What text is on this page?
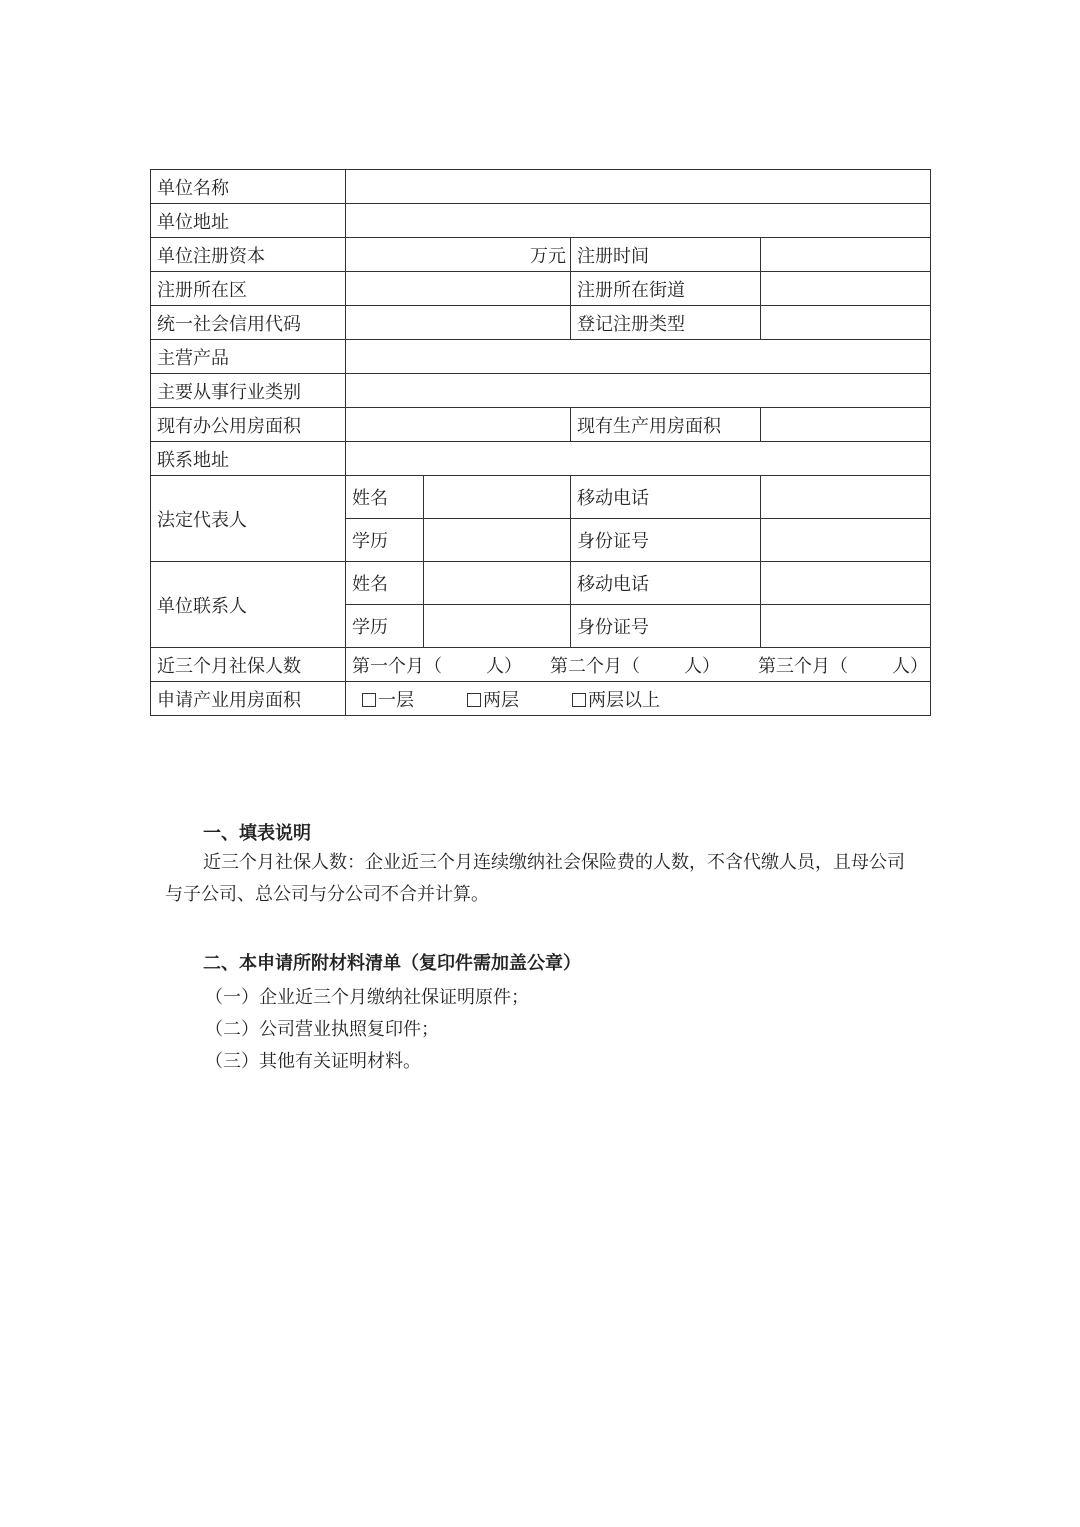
单位名称				
单位地址				
单位注册资本	万元		注册时间	
注册所在区			注册所在街道	
统一社会信用代码			登记注册类型	
主营产品				
主要从事行业类别				
现有办公用房面积			现有生产用房面积	
联系地址				
法定代表人	姓名		移动电话	
	学历		身份证号	
单位联系人	姓名		移动电话	
	学历		身份证号	
近三个月社保人数	第一个月（ 人） 第二个月（ 人） 第三个月（ 人）			
申请产业用房面积	一层 两层 两层以上			
一、填表说明
近三个月社保人数：企业近三个月连续缴纳社会保险费的人数，不含代缴人员，且母公司与子公司、总公司与分公司不合并计算。
二、本申请所附材料清单（复印件需加盖公章）
（一）企业近三个月缴纳社保证明原件；
（二）公司营业执照复印件；
（三）其他有关证明材料。
